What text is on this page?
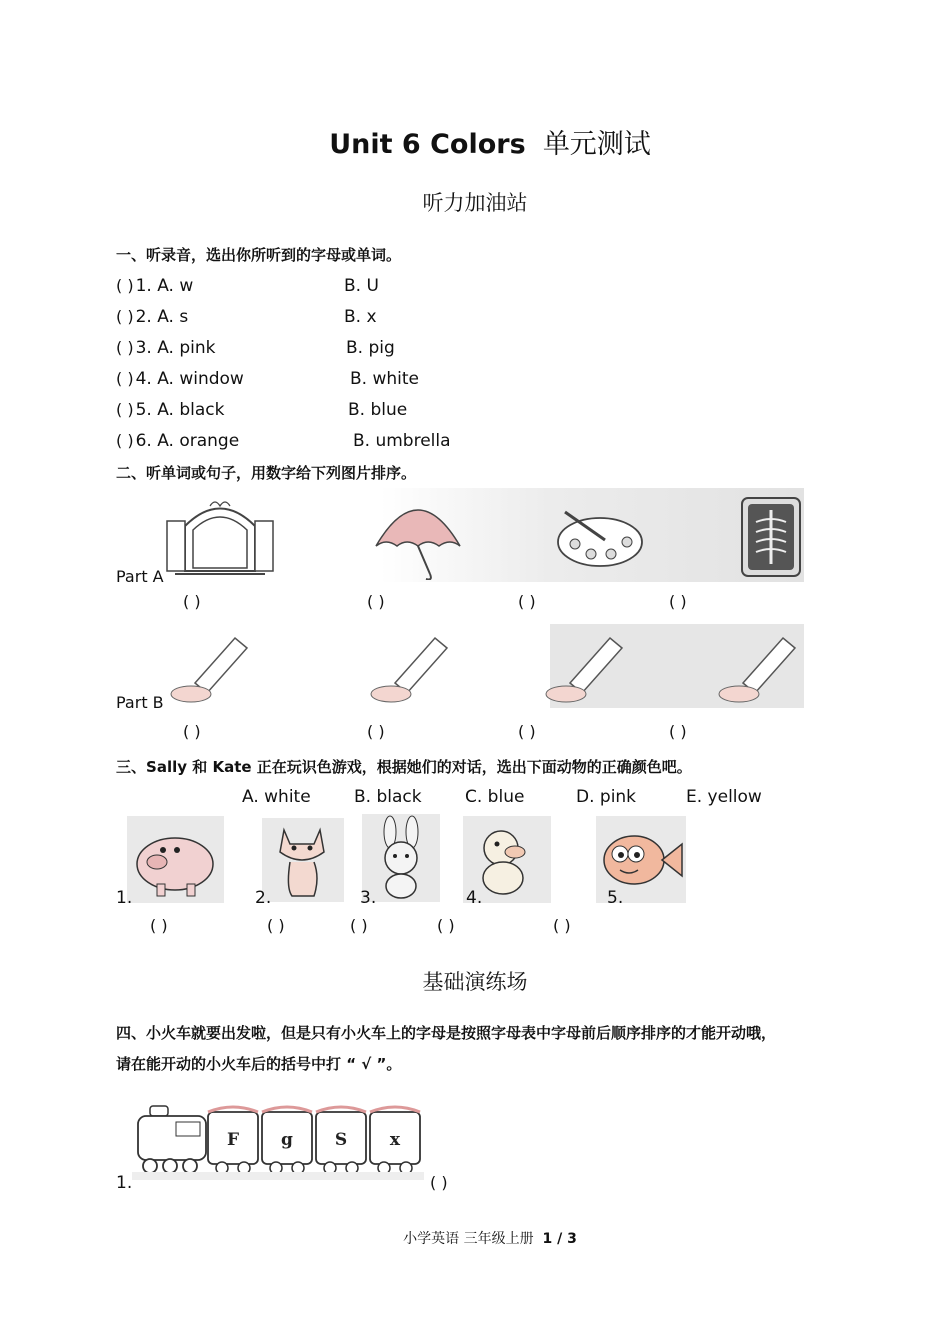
Unit 6 Colors 单元测试
听力加油站
一、听录音，选出你所听到的字母或单词。
( ) 1. A. w	B. U
( ) 2. A. s	B. x
( ) 3. A. pink	B. pig
( ) 4. A. window	B. white
( ) 5. A. black	B. blue
( ) 6. A. orange	B. umbrella
二、听单词或句子，用数字给下列图片排序。
Part A
( )	( )	( )	( )
Part B
( )	( )	( )	( )
三、Sally 和 Kate 正在玩识色游戏，根据她们的对话，选出下面动物的正确颜色吧。
A. white	B. black	C. blue	D. pink	E. yellow
1.	2.	3.	4.	5.
( )	( )	( )	( )	( )
基础演练场
四、小火车就要出发啦，但是只有小火车上的字母是按照字母表中字母前后顺序排序的才能开动哦，
请在能开动的小火车后的括号中打 “ √ ”。
F g S	x
1.	( )
小学英语 三年级上册 1 / 3
